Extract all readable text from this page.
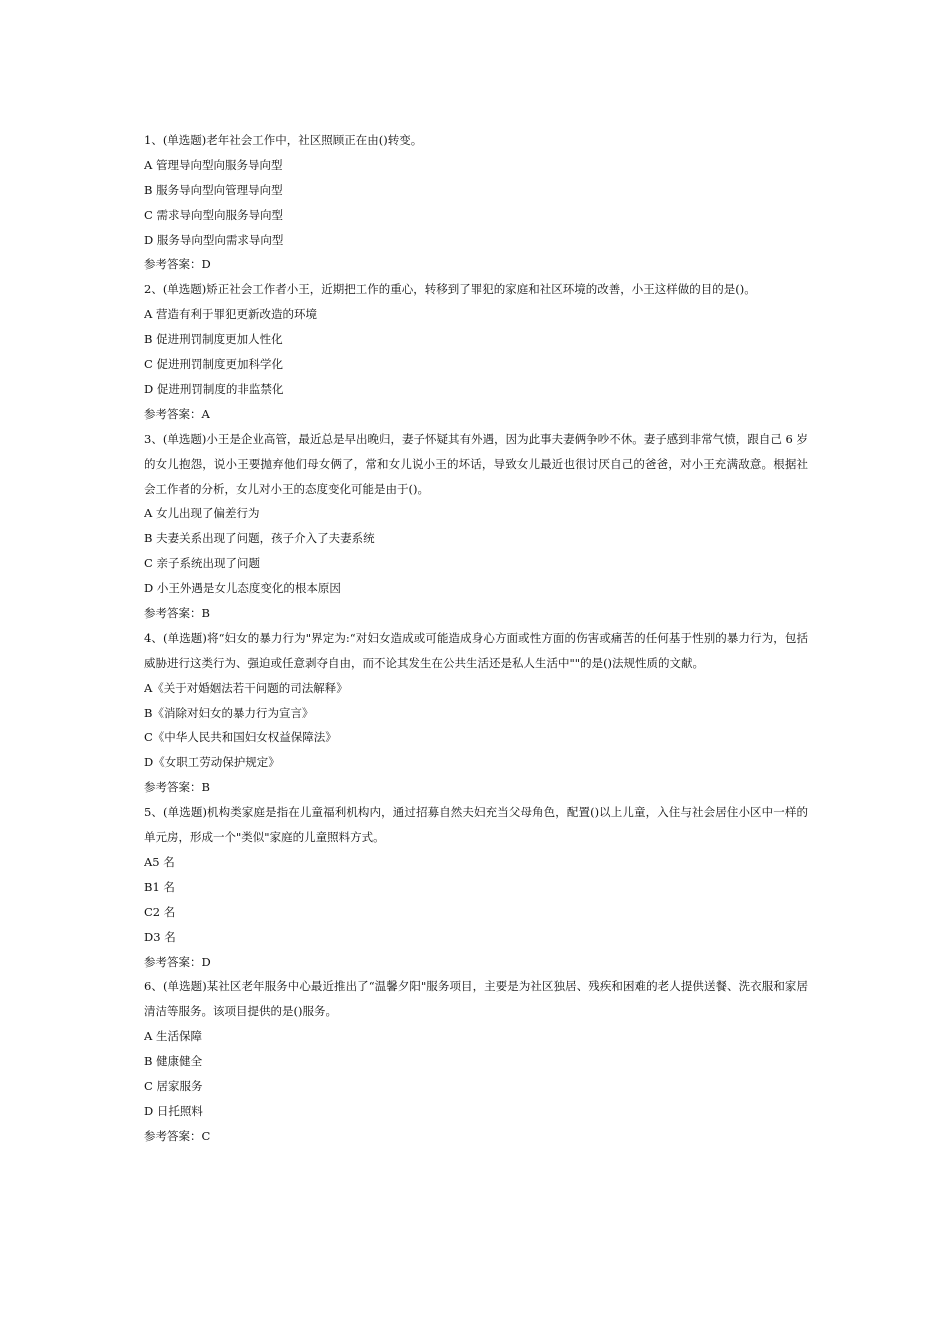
1、(单选题)老年社会工作中，社区照顾正在由()转变。
A 管理导向型向服务导向型
B 服务导向型向管理导向型
C 需求导向型向服务导向型
D 服务导向型向需求导向型
参考答案：D
2、(单选题)矫正社会工作者小王，近期把工作的重心，转移到了罪犯的家庭和社区环境的改善，小王这样做的目的是()。
A 营造有利于罪犯更新改造的环境
B 促进刑罚制度更加人性化
C 促进刑罚制度更加科学化
D 促进刑罚制度的非监禁化
参考答案：A
3、(单选题)小王是企业高管，最近总是早出晚归，妻子怀疑其有外遇，因为此事夫妻俩争吵不休。妻子感到非常气愤，跟自己 6 岁的女儿抱怨，说小王要抛弃他们母女俩了，常和女儿说小王的坏话，导致女儿最近也很讨厌自己的爸爸，对小王充满敌意。根据社会工作者的分析，女儿对小王的态度变化可能是由于()。
A 女儿出现了偏差行为
B 夫妻关系出现了问题，孩子介入了夫妻系统
C 亲子系统出现了问题
D 小王外遇是女儿态度变化的根本原因
参考答案：B
4、(单选题)将“妇女的暴力行为"界定为:“对妇女造成或可能造成身心方面或性方面的伤害或痛苦的任何基于性别的暴力行为，包括威胁进行这类行为、强迫或任意剥夺自由，而不论其发生在公共生活还是私人生活中""的是()法规性质的文献。
A《关于对婚姻法若干问题的司法解释》
B《消除对妇女的暴力行为宣言》
C《中华人民共和国妇女权益保障法》
D《女职工劳动保护规定》
参考答案：B
5、(单选题)机构类家庭是指在儿童福利机构内，通过招募自然夫妇充当父母角色，配置()以上儿童，入住与社会居住小区中一样的单元房，形成一个"类似"家庭的儿童照料方式。
A5 名
B1 名
C2 名
D3 名
参考答案：D
6、(单选题)某社区老年服务中心最近推出了“温馨夕阳"服务项目，主要是为社区独居、残疾和困难的老人提供送餐、洗衣服和家居清洁等服务。该项目提供的是()服务。
A 生活保障
B 健康健全
C 居家服务
D 日托照料
参考答案：C
